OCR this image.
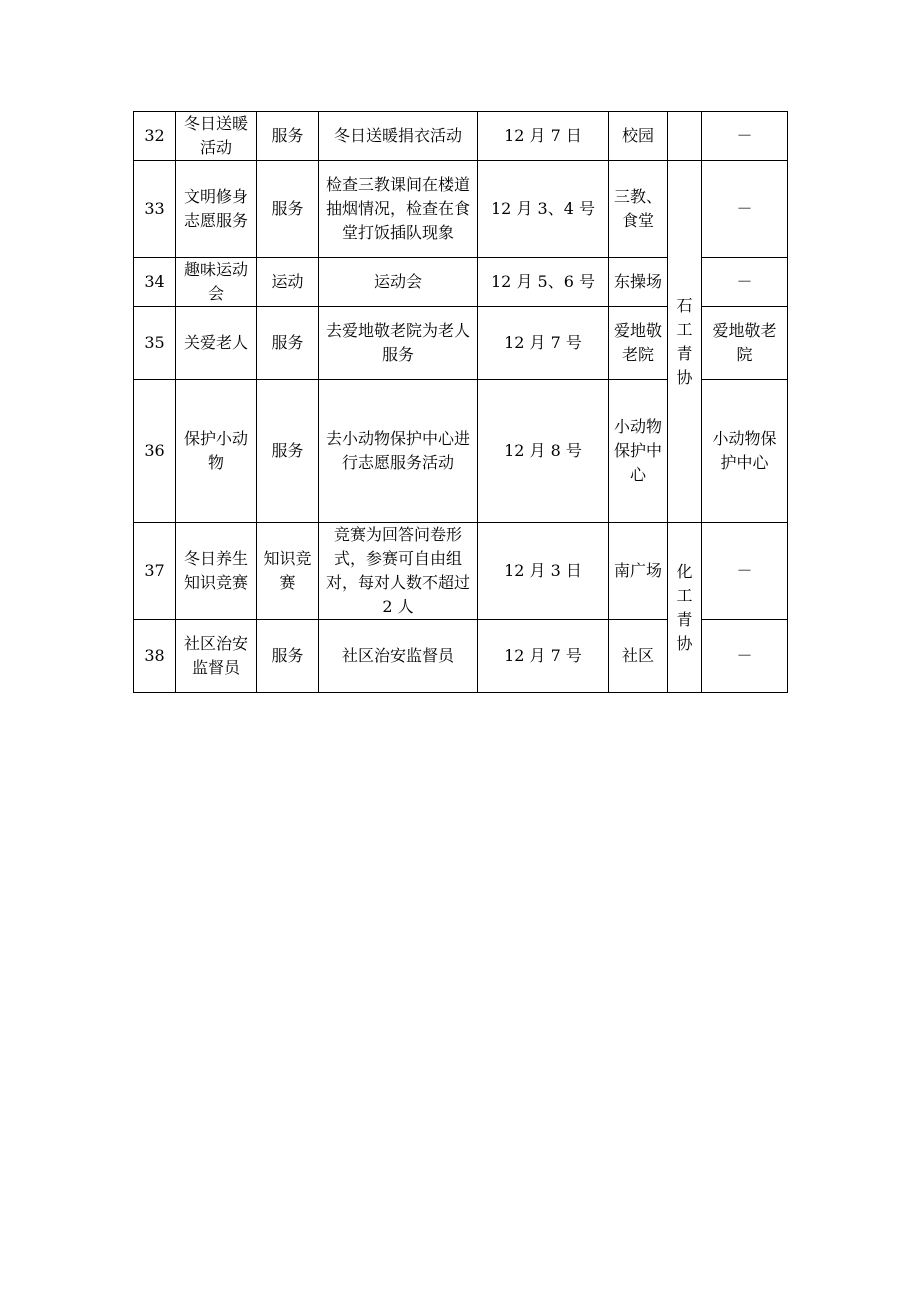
32	冬日送暖活动	服务	冬日送暖捐衣活动	12 月 7 日	校园		－
33	文明修身志愿服务	服务	检查三教课间在楼道抽烟情况，检查在食堂打饭插队现象	12 月 3、4 号	三教、食堂	石工青协	－
34	趣味运动会	运动	运动会	12 月 5、6 号	东操场		－
35	关爱老人	服务	去爱地敬老院为老人服务	12 月 7 号	爱地敬老院		爱地敬老院
36	保护小动物	服务	去小动物保护中心进行志愿服务活动	12 月 8 号	小动物保护中心		小动物保护中心
37	冬日养生知识竞赛	知识竞赛	竞赛为回答问卷形式，参赛可自由组对，每对人数不超过 2 人	12 月 3 日	南广场	化工青协	－
38	社区治安监督员	服务	社区治安监督员	12 月 7 号	社区		－
